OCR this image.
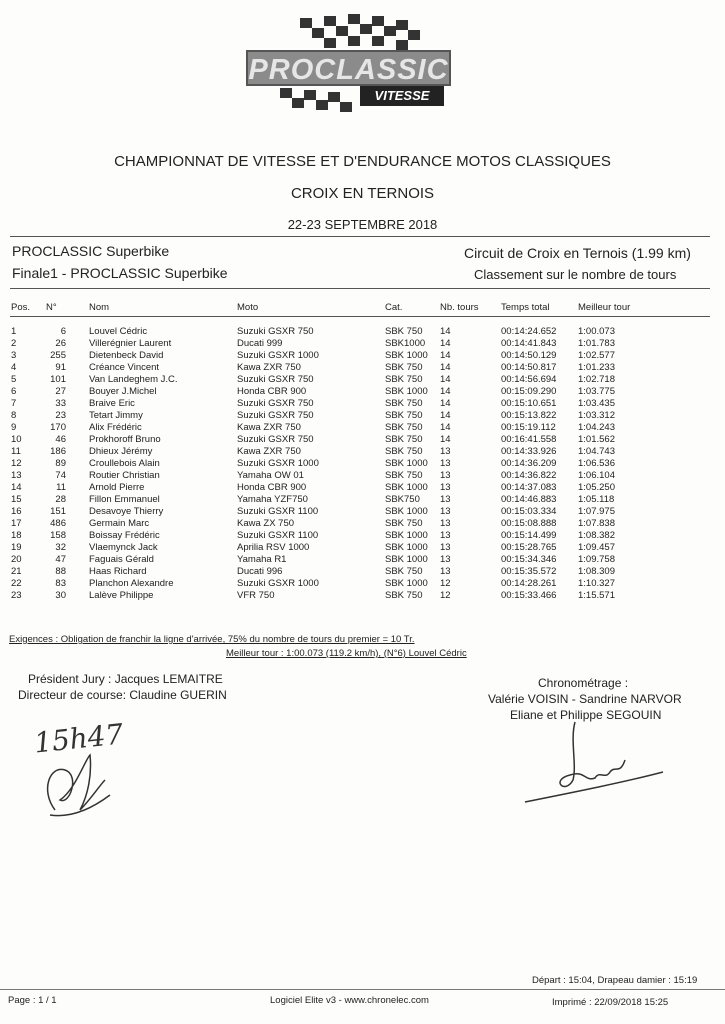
PROCLASSIC
VITESSE
CHAMPIONNAT DE VITESSE ET D'ENDURANCE MOTOS CLASSIQUES
CROIX EN TERNOIS
22-23 SEPTEMBRE 2018
PROCLASSIC Superbike	Circuit de Croix en Ternois (1.99 km)
Finale1 - PROCLASSIC Superbike	Classement sur le nombre de tours
Pos. N°	Nom	Moto	Cat.	Nb. tours Temps total	Meilleur tour
1	6 Louvel Cédric	Suzuki GSXR 750	SBK 750 14	00:14:24.652 1:00.073
2	26 Villerégnier Laurent	Ducati 999	SBK1000 14	00:14:41.843 1:01.783
3	255 Dietenbeck David	Suzuki GSXR 1000	SBK 1000 14	00:14:50.129 1:02.577
4	91 Créance Vincent	Kawa ZXR 750	SBK 750 14	00:14:50.817 1:01.233
5	101 Van Landeghem J.C.	Suzuki GSXR 750	SBK 750 14	00:14:56.694 1:02.718
6	27 Bouyer J.Michel	Honda CBR 900	SBK 1000 14	00:15:09.290 1:03.775
7	33 Braive Eric	Suzuki GSXR 750	SBK 750 14	00:15:10.651 1:03.435
8	23 Tetart Jimmy	Suzuki GSXR 750	SBK 750 14	00:15:13.822 1:03.312
9	170 Alix Frédéric	Kawa ZXR 750	SBK 750 14	00:15:19.112 1:04.243
10	46 Prokhoroff Bruno	Suzuki GSXR 750	SBK 750 14	00:16:41.558 1:01.562
11	186 Dhieux Jérémy	Kawa ZXR 750	SBK 750 13	00:14:33.926 1:04.743
12	89 Croullebois Alain	Suzuki GSXR 1000	SBK 1000 13	00:14:36.209 1:06.536
13	74 Routier Christian	Yamaha OW 01	SBK 750 13	00:14:36.822 1:06.104
14	11 Arnold Pierre	Honda CBR 900	SBK 1000 13	00:14:37.083 1:05.250
15	28 Fillon Emmanuel	Yamaha YZF750	SBK750 13	00:14:46.883 1:05.118
16	151 Desavoye Thierry	Suzuki GSXR 1100	SBK 1000 13	00:15:03.334 1:07.975
17	486 Germain Marc	Kawa ZX 750	SBK 750 13	00:15:08.888 1:07.838
18	158 Boissay Frédéric	Suzuki GSXR 1100	SBK 1000 13	00:15:14.499 1:08.382
19	32 Vlaemynck Jack	Aprilia RSV 1000	SBK 1000 13	00:15:28.765 1:09.457
20	47 Faguais Gérald	Yamaha R1	SBK 1000 13	00:15:34.346 1:09.758
21	88 Haas Richard	Ducati 996	SBK 750 13	00:15:35.572 1:08.309
22	83 Planchon Alexandre	Suzuki GSXR 1000	SBK 1000 12	00:14:28.261 1:10.327
23	30 Lalève Philippe	VFR 750	SBK 750 12	00:15:33.466 1:15.571
Exigences : Obligation de franchir la ligne d'arrivée, 75% du nombre de tours du premier = 10 Tr.
Meilleur tour : 1:00.073 (119.2 km/h), (N°6) Louvel Cédric
Président Jury : Jacques LEMAITRE
Directeur de course: Claudine GUERIN
Chronométrage :
Valérie VOISIN - Sandrine NARVOR
Eliane et Philippe SEGOUIN
15h47
Départ : 15:04, Drapeau damier : 15:19
Page : 1 / 1	Logiciel Elite v3 - www.chronelec.com	Imprimé : 22/09/2018 15:25
